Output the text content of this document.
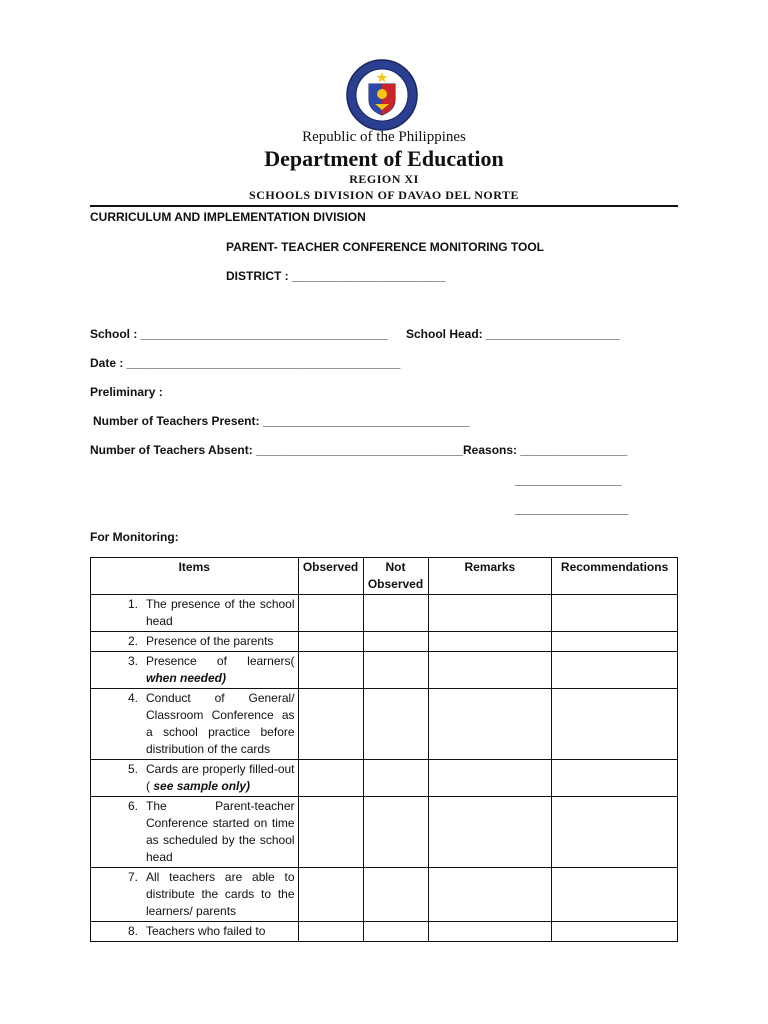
Republic of the Philippines
Department of Education
REGION XI
SCHOOLS DIVISION OF DAVAO DEL NORTE
CURRICULUM AND IMPLEMENTATION DIVISION
PARENT- TEACHER CONFERENCE MONITORING TOOL
DISTRICT : _______________________
School : _____________________________________ School Head: ____________________
Date : _________________________________________
Preliminary :
Number of Teachers Present: _______________________________
Number of Teachers Absent: _______________________________ Reasons: ________________
________________
_________________
For Monitoring:
Items	Observed	Not Observed	Remarks	Recommendations

1. The presence of the school head				

2. Presence of the parents				

3. Presence of learners( when needed)				

4. Conduct of General/ Classroom Conference as a school practice before distribution of the cards				

5. Cards are properly filled-out ( see sample only)				

6. The Parent-teacher Conference started on time as scheduled by the school head				

7. All teachers are able to distribute the cards to the learners/ parents				

8. Teachers who failed to				
